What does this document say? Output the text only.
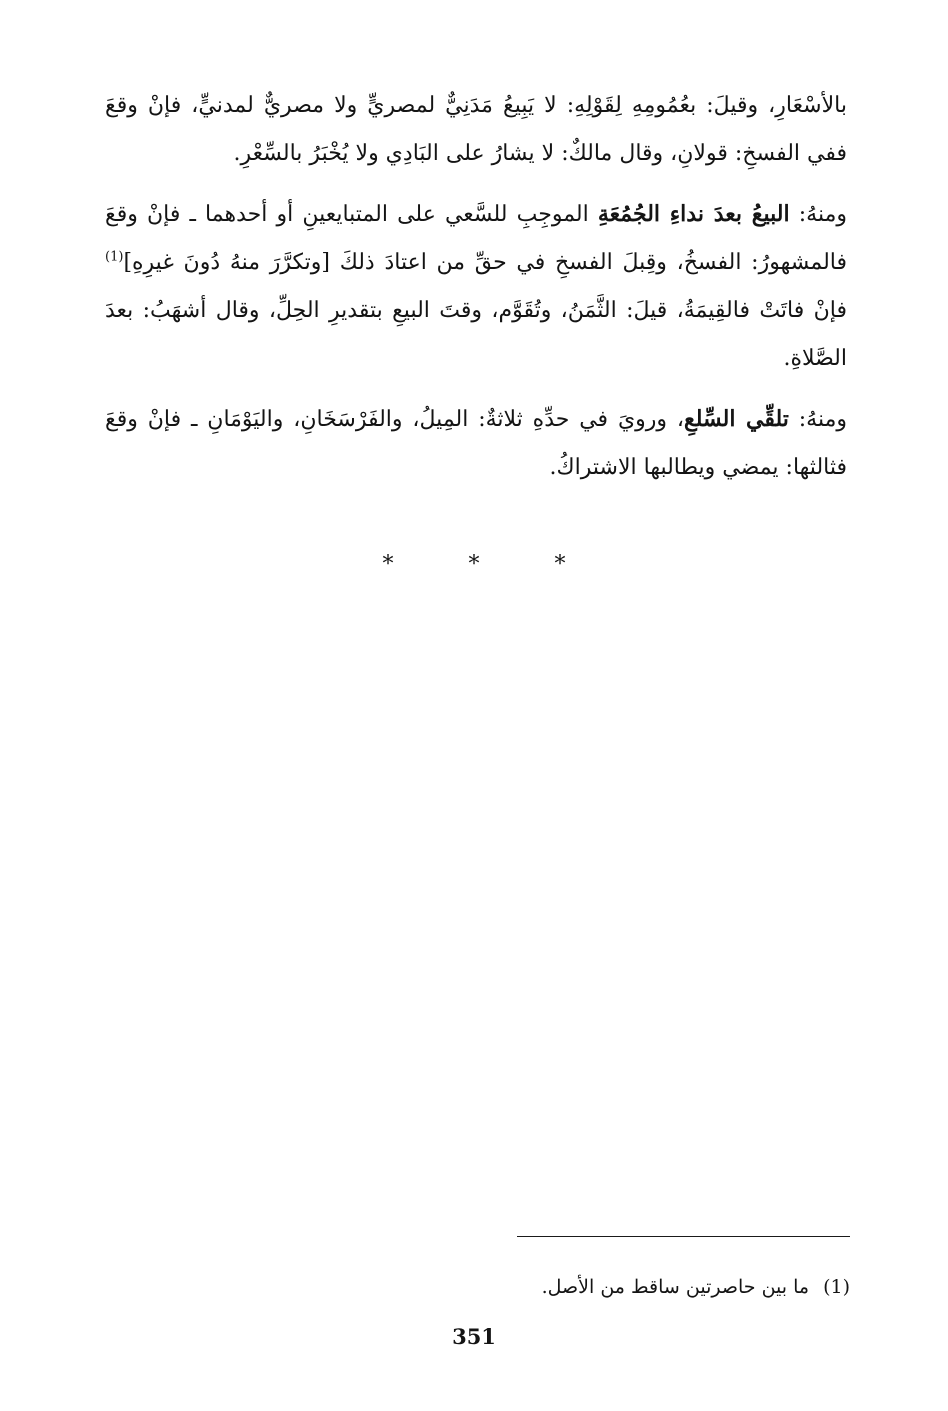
بالأسْعَارِ، وقيلَ: بعُمُومِهِ لِقَوْلِهِ: لا يَبِيعُ مَدَنِيٌّ لمصريٍّ ولا مصريٌّ لمدنيٍّ، فإنْ وقعَ ففي الفسخِ: قولانِ، وقال مالكٌ: لا يشارُ على البَادِي ولا يُخْبَرُ بالسِّعْرِ.

ومنهُ: البيعُ بعدَ نداءِ الجُمُعَةِ الموجِبِ للسَّعي على المتبايعينِ أو أحدهما ـ فإنْ وقعَ فالمشهورُ: الفسخُ، وقِبلَ الفسخِ في حقِّ من اعتادَ ذلكَ [وتكرَّرَ منهُ دُونَ غيرِهِ]$^{(1)}$ فإنْ فاتَتْ فالقِيمَةُ، قيلَ: الثَّمَنُ، وتُقَوَّم، وقتَ البيعِ بتقديرِ الحِلِّ، وقال أشهَبُ: بعدَ الصَّلاةِ.

ومنهُ: تلقِّي السِّلعِ، ورويَ في حدِّهِ ثلاثةٌ: المِيلُ، والفَرْسَخَانِ، واليَوْمَانِ ـ فإنْ وقعَ فثالثها: يمضي ويطالبها الاشتراكُ.

* * *
(1)ما بين حاصرتين ساقط من الأصل.
351
